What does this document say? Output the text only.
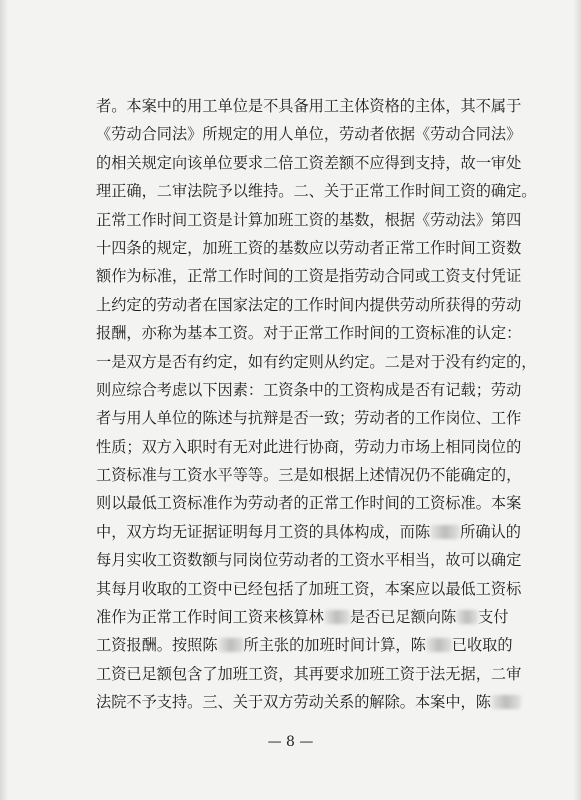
者。本案中的用工单位是不具备用工主体资格的主体，其不属于
《劳动合同法》所规定的用人单位，劳动者依据《劳动合同法》
的相关规定向该单位要求二倍工资差额不应得到支持，故一审处
理正确，二审法院予以维持。二、关于正常工作时间工资的确定。
正常工作时间工资是计算加班工资的基数，根据《劳动法》第四
十四条的规定，加班工资的基数应以劳动者正常工作时间工资数
额作为标准，正常工作时间的工资是指劳动合同或工资支付凭证
上约定的劳动者在国家法定的工作时间内提供劳动所获得的劳动
报酬，亦称为基本工资。对于正常工作时间的工资标准的认定：
一是双方是否有约定，如有约定则从约定。二是对于没有约定的，
则应综合考虑以下因素：工资条中的工资构成是否有记载；劳动
者与用人单位的陈述与抗辩是否一致；劳动者的工作岗位、工作
性质；双方入职时有无对此进行协商，劳动力市场上相同岗位的
工资标准与工资水平等等。三是如根据上述情况仍不能确定的，
则以最低工资标准作为劳动者的正常工作时间的工资标准。本案
中，双方均无证据证明每月工资的具体构成，而陈 所确认的
每月实收工资数额与同岗位劳动者的工资水平相当，故可以确定
其每月收取的工资中已经包括了加班工资，本案应以最低工资标
准作为正常工作时间工资来核算林 是否已足额向陈 支付
工资报酬。按照陈 所主张的加班时间计算，陈 已收取的
工资已足额包含了加班工资，其再要求加班工资于法无据，二审
法院不予支持。三、关于双方劳动关系的解除。本案中，陈
— 8 —
